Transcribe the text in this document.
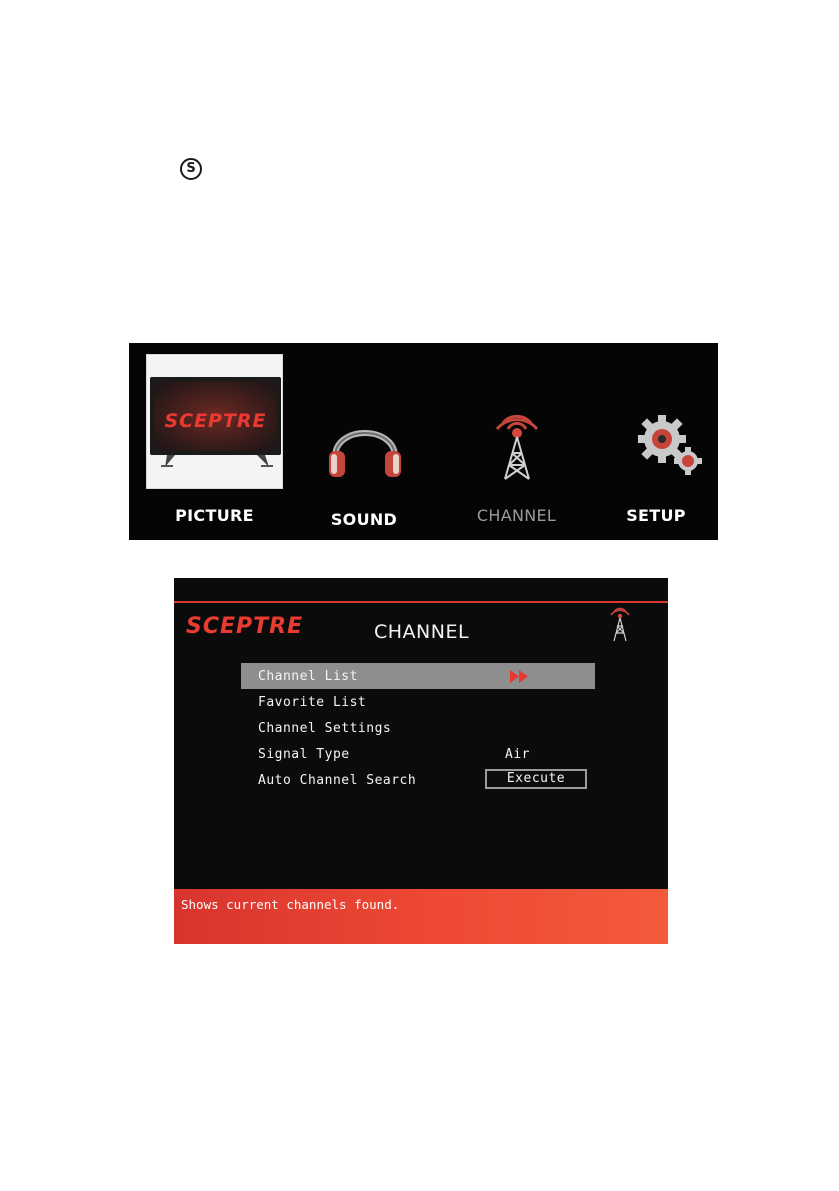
S
SCEPTRE
PICTURE	SOUND	CHANNEL	SETUP
SCEPTRE	CHANNEL
Channel List
Favorite List
Channel Settings
Signal Type	Air
Auto Channel Search	Execute
Shows current channels found.
